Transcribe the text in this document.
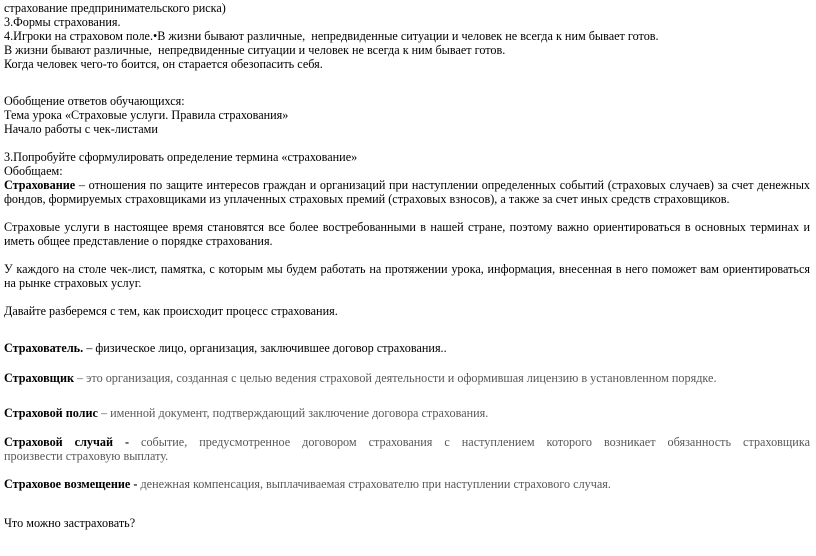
страхование предпринимательского риска)
3.Формы страхования.
4.Игроки на страховом поле.•В жизни бывают различные,  непредвиденные ситуации и человек не всегда к ним бывает готов.
В жизни бывают различные,  непредвиденные ситуации и человек не всегда к ним бывает готов.
Когда человек чего-то боится, он старается обезопасить себя.
Обобщение ответов обучающихся:
Тема урока «Страховые услуги. Правила страхования»
Начало работы с чек-листами
3.Попробуйте сформулировать определение термина «страхование»
Обобщаем:
Страхование – отношения по защите интересов граждан и организаций при наступлении определенных событий (страховых случаев) за счет денежных фондов, формируемых страховщиками из уплаченных страховых премий (страховых взносов), а также за счет иных средств страховщиков.
Страховые услуги в настоящее время становятся все более востребованными в нашей стране, поэтому важно ориентироваться в основных терминах и иметь общее представление о порядке страхования.
У каждого на столе чек-лист, памятка, с которым мы будем работать на протяжении урока, информация, внесенная в него поможет вам ориентироваться на рынке страховых услуг.
Давайте разберемся с тем, как происходит процесс страхования.
Страхователь. – физическое лицо, организация, заключившее договор страхования..
Страховщик – это организация, созданная с целью ведения страховой деятельности и оформившая лицензию в установленном порядке.
Страховой полис – именной документ, подтверждающий заключение договора страхования.
Страховой случай - событие, предусмотренное договором страхования с наступлением которого возникает обязанность страховщика
произвести страховую выплату.
Страховое возмещение - денежная компенсация, выплачиваемая страхователю при наступлении страхового случая.
Что можно застраховать?
